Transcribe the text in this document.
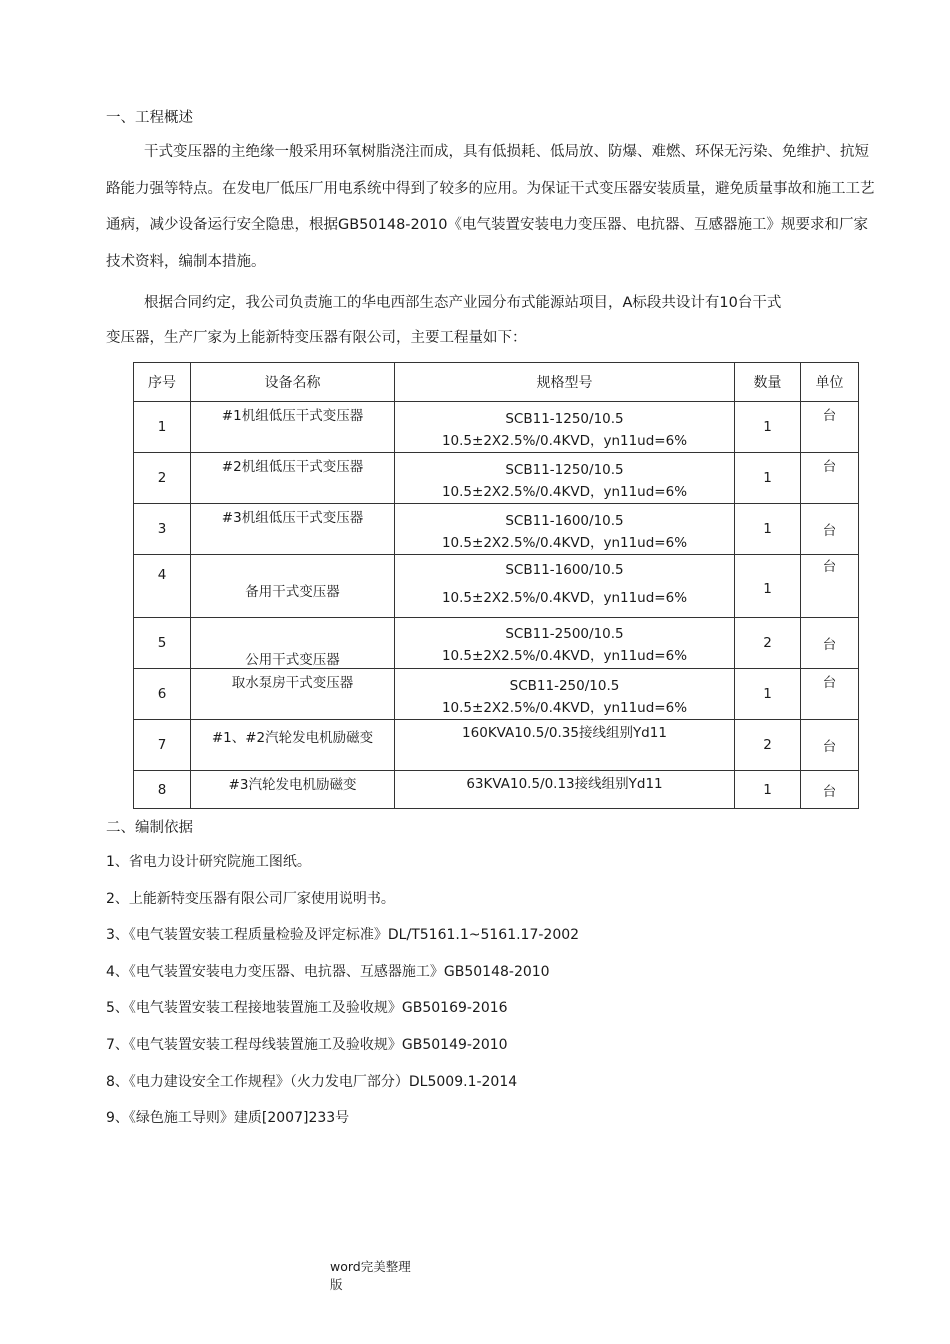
一、工程概述
干式变压器的主绝缘一般采用环氧树脂浇注而成，具有低损耗、低局放、防爆、难燃、环保无污染、免维护、抗短路能力强等特点。在发电厂低压厂用电系统中得到了较多的应用。为保证干式变压器安装质量，避免质量事故和施工工艺通病，减少设备运行安全隐患，根据GB50148-2010《电气装置安装电力变压器、电抗器、互感器施工》规要求和厂家技术资料，编制本措施。
根据合同约定，我公司负责施工的华电西部生态产业园分布式能源站项目，A标段共设计有10台干式
变压器，生产厂家为上能新特变压器有限公司，主要工程量如下：
序号	设备名称	规格型号	数量	单位
1	#1机组低压干式变压器	SCB11-1250/10.5
10.5±2X2.5%/0.4KVD，yn11ud=6%	1	台
2	#2机组低压干式变压器	SCB11-1250/10.5
10.5±2X2.5%/0.4KVD，yn11ud=6%	1	台
3	#3机组低压干式变压器	SCB11-1600/10.5
10.5±2X2.5%/0.4KVD，yn11ud=6%	1	台
4	备用干式变压器	SCB11-1600/10.5
10.5±2X2.5%/0.4KVD，yn11ud=6%	1	台
5	公用干式变压器	SCB11-2500/10.5
10.5±2X2.5%/0.4KVD，yn11ud=6%	2	台
6	取水泵房干式变压器	SCB11-250/10.5
10.5±2X2.5%/0.4KVD，yn11ud=6%	1	台
7	#1、#2汽轮发电机励磁变	160KVA10.5/0.35接线组别Yd11	2	台
8	#3汽轮发电机励磁变	63KVA10.5/0.13接线组别Yd11	1	台
二、编制依据
1、省电力设计研究院施工图纸。
2、上能新特变压器有限公司厂家使用说明书。
3、《电气装置安装工程质量检验及评定标准》DL/T5161.1~5161.17-2002
4、《电气装置安装电力变压器、电抗器、互感器施工》GB50148-2010
5、《电气装置安装工程接地装置施工及验收规》GB50169-2016
7、《电气装置安装工程母线装置施工及验收规》GB50149-2010
8、《电力建设安全工作规程》（火力发电厂部分）DL5009.1-2014
9、《绿色施工导则》建质[2007]233号
word完美整理
版
